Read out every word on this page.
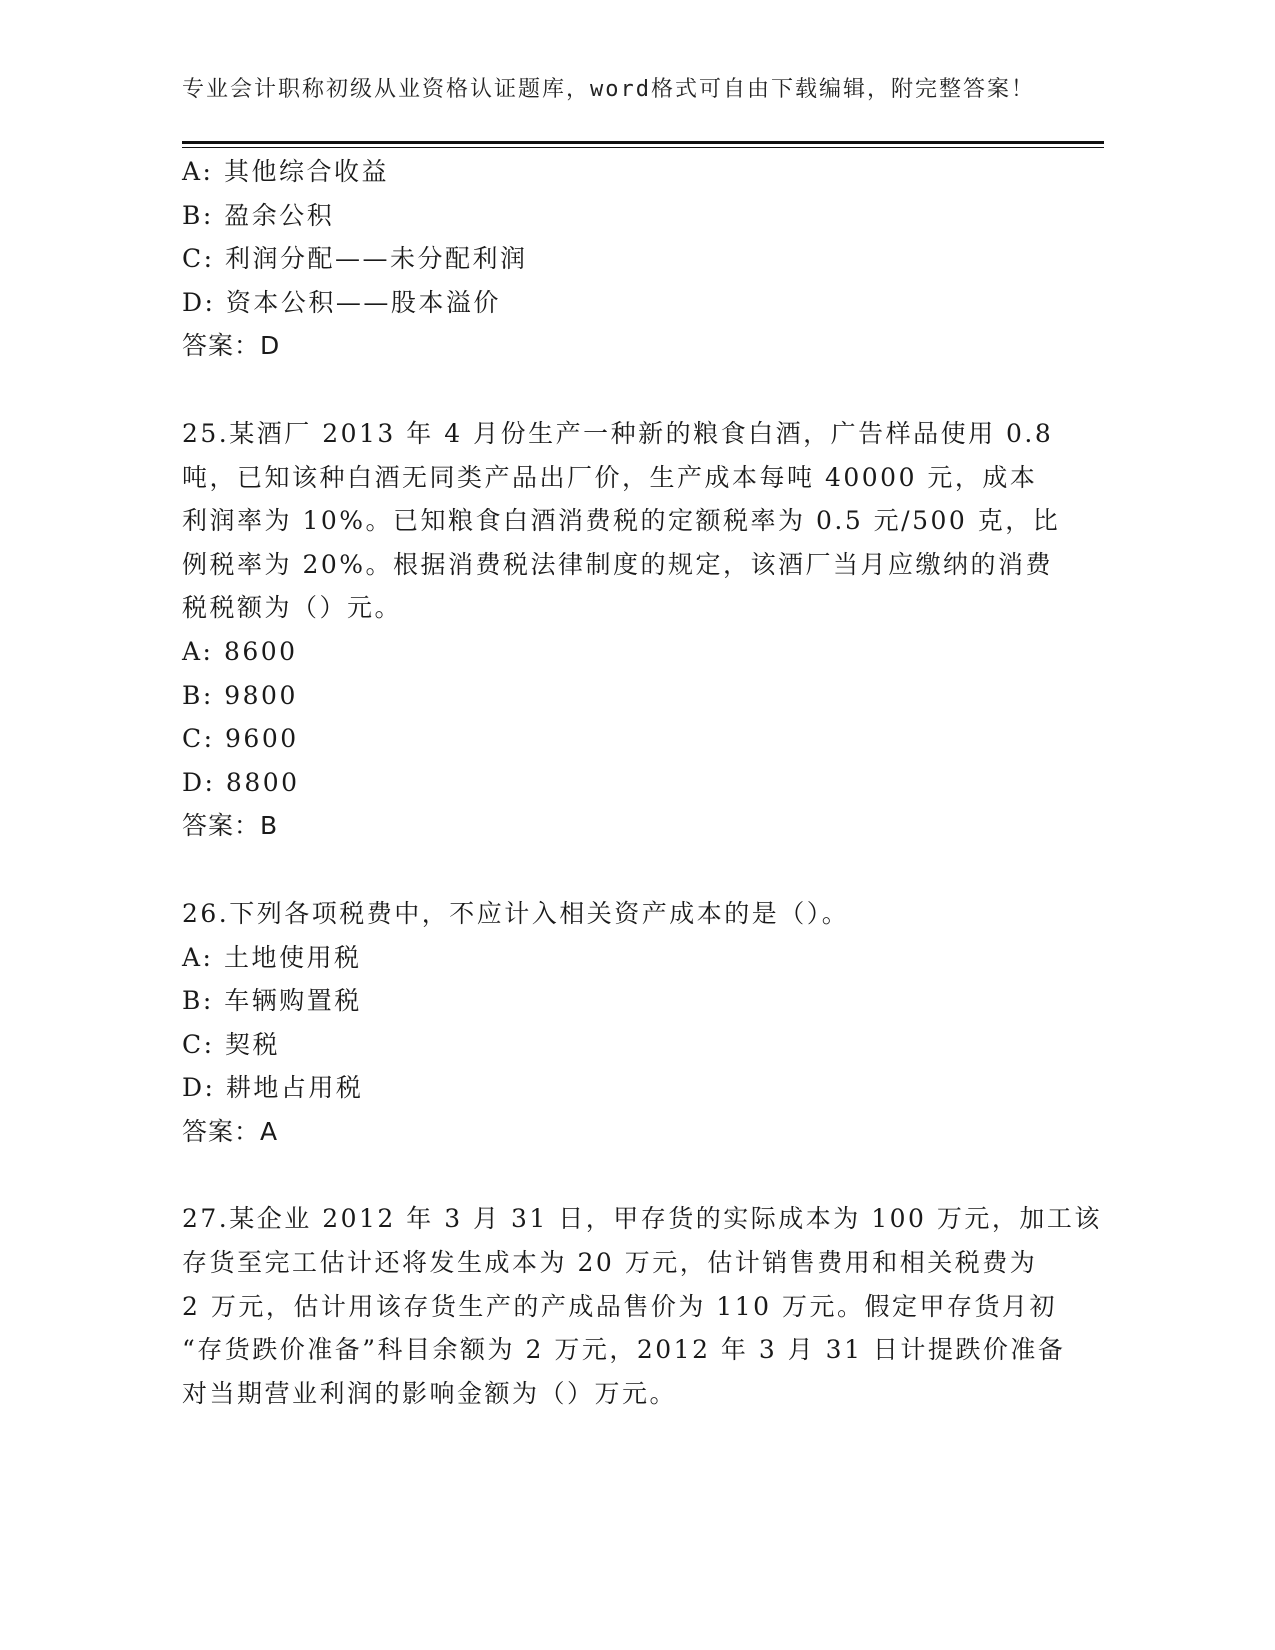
专业会计职称初级从业资格认证题库，word格式可自由下载编辑，附完整答案！
A: 其他综合收益
B: 盈余公积
C: 利润分配——未分配利润
D: 资本公积——股本溢价
答案：D
25.某酒厂 2013 年 4 月份生产一种新的粮食白酒，广告样品使用 0.8
吨，已知该种白酒无同类产品出厂价，生产成本每吨 40000 元，成本
利润率为 10%。已知粮食白酒消费税的定额税率为 0.5 元/500 克，比
例税率为 20%。根据消费税法律制度的规定，该酒厂当月应缴纳的消费
税税额为（）元。
A: 8600
B: 9800
C: 9600
D: 8800
答案：B
26.下列各项税费中，不应计入相关资产成本的是（）。
A: 土地使用税
B: 车辆购置税
C: 契税
D: 耕地占用税
答案：A
27.某企业 2012 年 3 月 31 日，甲存货的实际成本为 100 万元，加工该
存货至完工估计还将发生成本为 20 万元，估计销售费用和相关税费为
2 万元，估计用该存货生产的产成品售价为 110 万元。假定甲存货月初
“存货跌价准备”科目余额为 2 万元，2012 年 3 月 31 日计提跌价准备
对当期营业利润的影响金额为（）万元。
